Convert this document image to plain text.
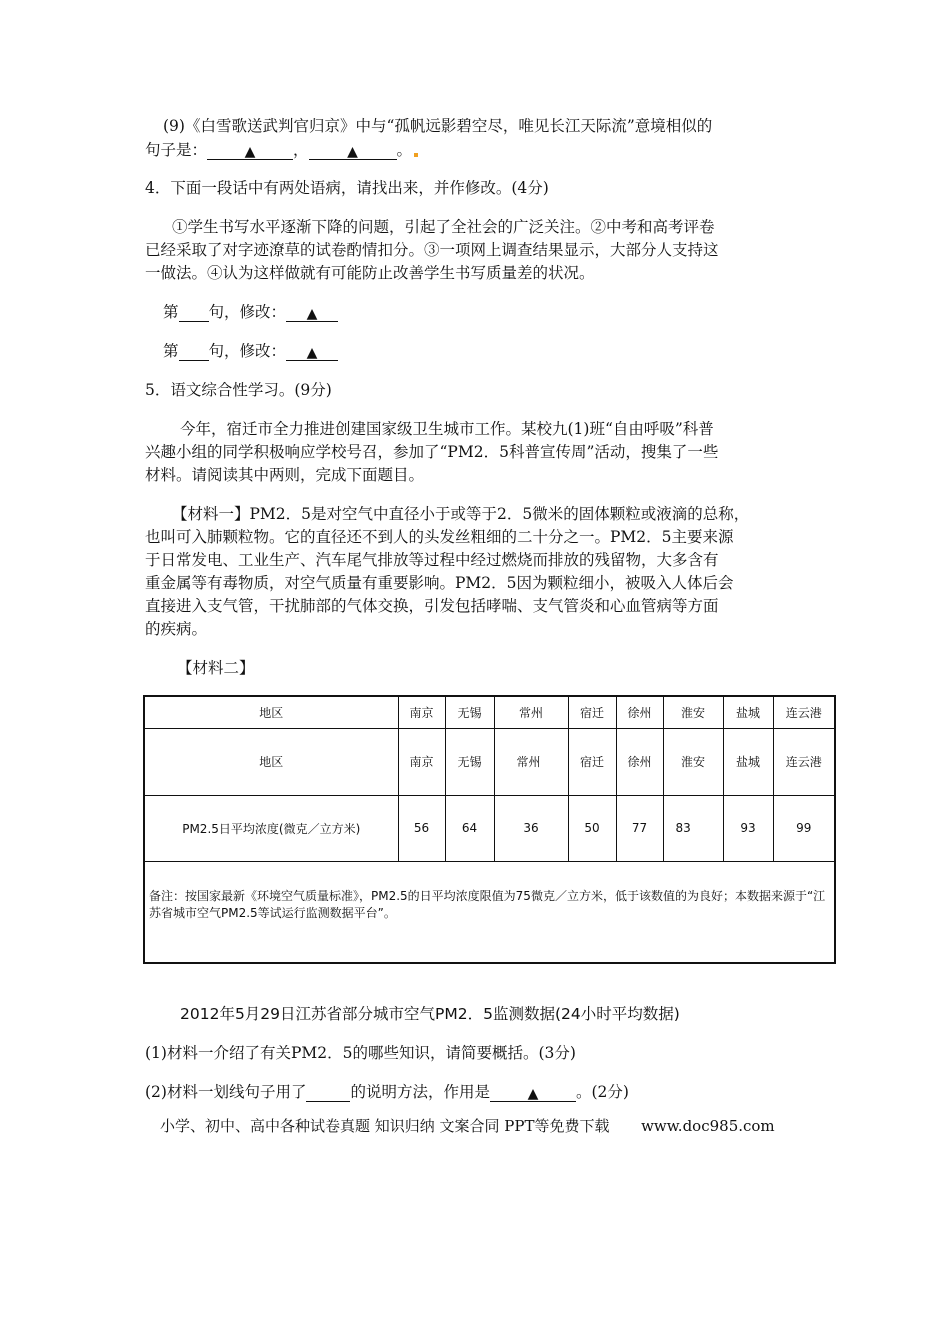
(9)《白雪歌送武判官归京》中与“孤帆远影碧空尽，唯见长江天际流”意境相似的
句子是：	▲ ，	▲ 。
4．下面一段话中有两处语病，请找出来，并作修改。(4分)
①学生书写水平逐渐下降的问题，引起了全社会的广泛关注。②中考和高考评卷
已经采取了对字迹潦草的试卷酌情扣分。③一项网上调查结果显示，大部分人支持这
一做法。④认为这样做就有可能防止改善学生书写质量差的状况。
第 句，修改： ▲
第 句，修改： ▲
5．语文综合性学习。(9分)
今年，宿迁市全力推进创建国家级卫生城市工作。某校九(1)班“自由呼吸”科普
兴趣小组的同学积极响应学校号召，参加了“PM2．5科普宣传周”活动，搜集了一些
材料。请阅读其中两则，完成下面题目。
【材料一】PM2．5是对空气中直径小于或等于2．5微米的固体颗粒或液滴的总称，
也叫可入肺颗粒物。它的直径还不到人的头发丝粗细的二十分之一。PM2．5主要来源
于日常发电、工业生产、汽车尾气排放等过程中经过燃烧而排放的残留物，大多含有
重金属等有毒物质，对空气质量有重要影响。PM2．5因为颗粒细小，被吸入人体后会
直接进入支气管，干扰肺部的气体交换，引发包括哮喘、支气管炎和心血管病等方面
的疾病。
【材料二】
地区	南京	无锡	常州	宿迁	徐州	淮安	盐城	连云港
地区	南京	无锡	常州	宿迁	徐州	淮安	盐城	连云港
PM2.5日平均浓度(微克／立方米)	56	64	36	50	77	83	93	99
备注：按国家最新《环境空气质量标准》，PM2.5的日平均浓度限值为75微克／立方米，低于该数值的为良好；本数据来源于“江苏省城市空气PM2.5等试运行监测数据平台”。								
2012年5月29日江苏省部分城市空气PM2．5监测数据(24小时平均数据)
(1)材料一介绍了有关PM2．5的哪些知识，请简要概括。(3分)
(2)材料一划线句子用了	的说明方法，作用是	▲ 。(2分)
小学、初中、高中各种试卷真题 知识归纳 文案合同 PPT等免费下载 www.doc985.com
